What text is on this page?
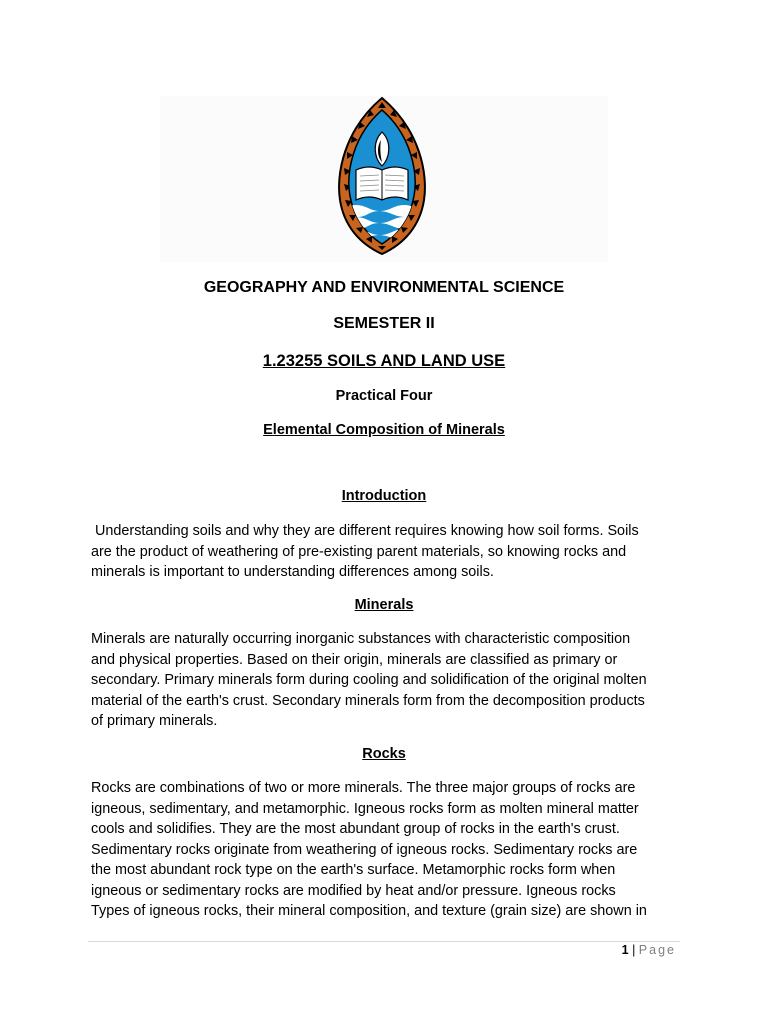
GEOGRAPHY AND ENVIRONMENTAL SCIENCE
SEMESTER II
1.23255 SOILS AND LAND USE
Practical Four
Elemental Composition of Minerals
Introduction
Understanding soils and why they are different requires knowing how soil forms. Soils
are the product of weathering of pre-existing parent materials, so knowing rocks and
minerals is important to understanding differences among soils.
Minerals
Minerals are naturally occurring inorganic substances with characteristic composition
and physical properties. Based on their origin, minerals are classified as primary or
secondary. Primary minerals form during cooling and solidification of the original molten
material of the earth's crust. Secondary minerals form from the decomposition products
of primary minerals.
Rocks
Rocks are combinations of two or more minerals. The three major groups of rocks are
igneous, sedimentary, and metamorphic. Igneous rocks form as molten mineral matter
cools and solidifies. They are the most abundant group of rocks in the earth's crust.
Sedimentary rocks originate from weathering of igneous rocks. Sedimentary rocks are
the most abundant rock type on the earth's surface. Metamorphic rocks form when
igneous or sedimentary rocks are modified by heat and/or pressure. Igneous rocks
Types of igneous rocks, their mineral composition, and texture (grain size) are shown in
1 | Page
